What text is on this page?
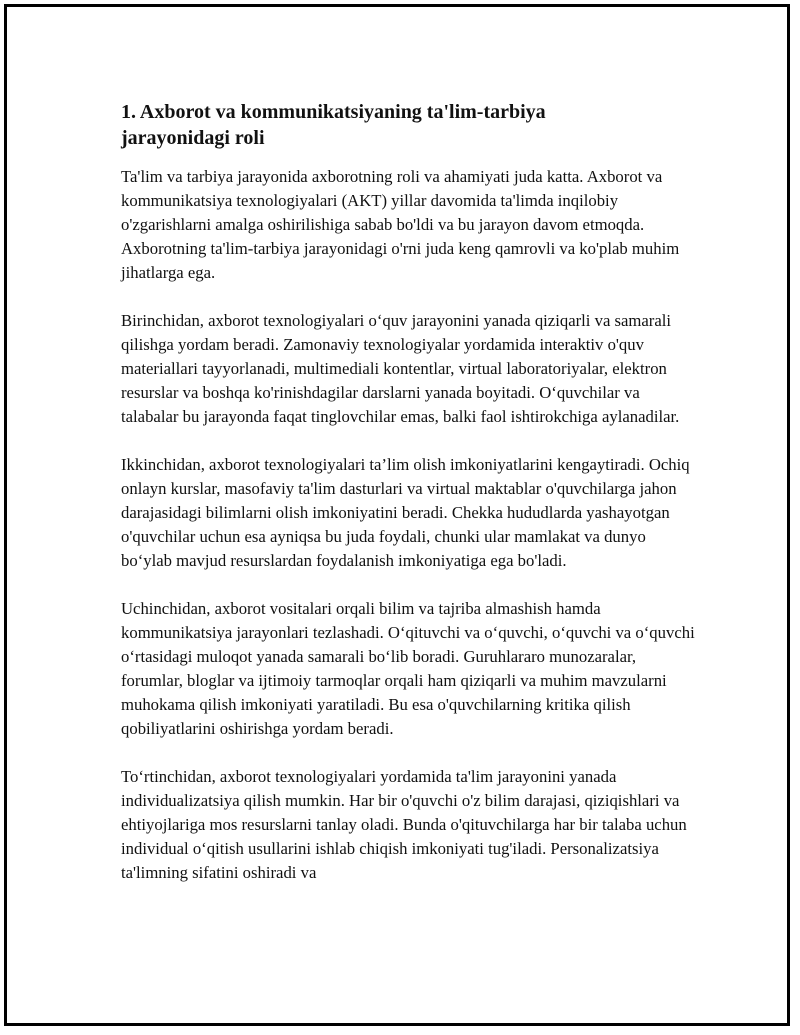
1. Axborot va kommunikatsiyaning ta'lim-tarbiya jarayonidagi roli

Ta'lim va tarbiya jarayonida axborotning roli va ahamiyati juda katta. Axborot va kommunikatsiya texnologiyalari (AKT) yillar davomida ta'limda inqilobiy o'zgarishlarni amalga oshirilishiga sabab bo'ldi va bu jarayon davom etmoqda. Axborotning ta'lim-tarbiya jarayonidagi o'rni juda keng qamrovli va ko'plab muhim jihatlarga ega.

Birinchidan, axborot texnologiyalari o‘quv jarayonini yanada qiziqarli va samarali qilishga yordam beradi. Zamonaviy texnologiyalar yordamida interaktiv o'quv materiallari tayyorlanadi, multimediali kontentlar, virtual laboratoriyalar, elektron resurslar va boshqa ko'rinishdagilar darslarni yanada boyitadi. O‘quvchilar va talabalar bu jarayonda faqat tinglovchilar emas, balki faol ishtirokchiga aylanadilar.

Ikkinchidan, axborot texnologiyalari ta’lim olish imkoniyatlarini kengaytiradi. Ochiq onlayn kurslar, masofaviy ta'lim dasturlari va virtual maktablar o'quvchilarga jahon darajasidagi bilimlarni olish imkoniyatini beradi. Chekka hududlarda yashayotgan o'quvchilar uchun esa ayniqsa bu juda foydali, chunki ular mamlakat va dunyo bo‘ylab mavjud resurslardan foydalanish imkoniyatiga ega bo'ladi.

Uchinchidan, axborot vositalari orqali bilim va tajriba almashish hamda kommunikatsiya jarayonlari tezlashadi. O‘qituvchi va o‘quvchi, o‘quvchi va o‘quvchi o‘rtasidagi muloqot yanada samarali bo‘lib boradi. Guruhlararo munozaralar, forumlar, bloglar va ijtimoiy tarmoqlar orqali ham qiziqarli va muhim mavzularni muhokama qilish imkoniyati yaratiladi. Bu esa o'quvchilarning kritika qilish qobiliyatlarini oshirishga yordam beradi.

To‘rtinchidan, axborot texnologiyalari yordamida ta'lim jarayonini yanada individualizatsiya qilish mumkin. Har bir o'quvchi o'z bilim darajasi, qiziqishlari va ehtiyojlariga mos resurslarni tanlay oladi. Bunda o'qituvchilarga har bir talaba uchun individual o‘qitish usullarini ishlab chiqish imkoniyati tug'iladi. Personalizatsiya ta'limning sifatini oshiradi va
